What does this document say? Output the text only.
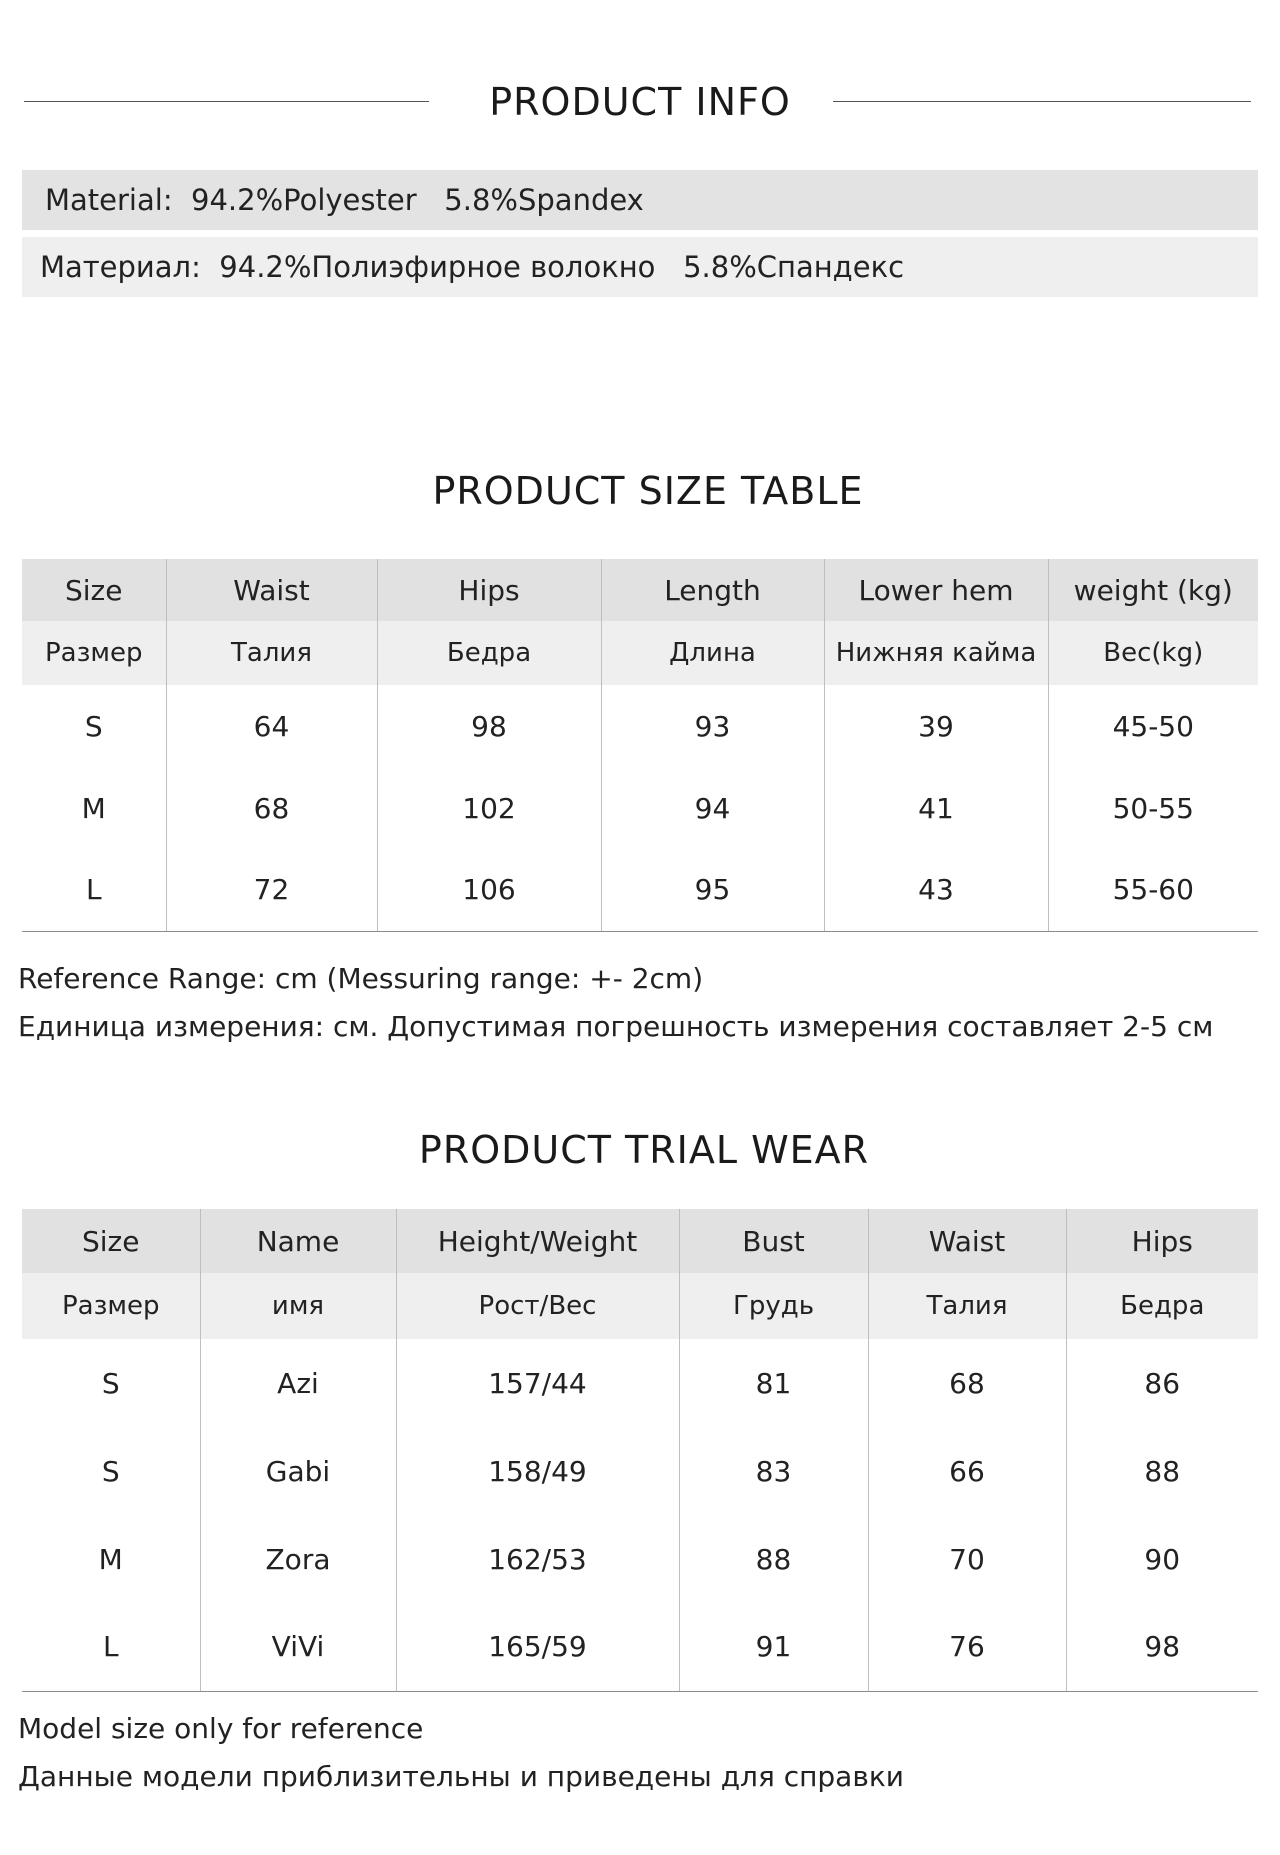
PRODUCT INFO
Material:  94.2%Polyester   5.8%Spandex
Материал:  94.2%Полиэфирное волокно   5.8%Спандекс
PRODUCT SIZE TABLE
Size	Waist	Hips	Length	Lower hem	weight (kg)
Размер	Талия	Бедра	Длина	Нижняя кайма	Вес(kg)
S	64	98	93	39	45-50
M	68	102	94	41	50-55
L	72	106	95	43	55-60
Reference Range: cm (Messuring range: +- 2cm)
Единица измерения: см. Допустимая погрешность измерения составляет 2-5 см
PRODUCT TRIAL WEAR
Size	Name	Height/Weight	Bust	Waist	Hips
Размер	имя	Рост/Вес	Грудь	Талия	Бедра
S	Azi	157/44	81	68	86
S	Gabi	158/49	83	66	88
M	Zora	162/53	88	70	90
L	ViVi	165/59	91	76	98
Model size only for reference
Данные модели приблизительны и приведены для справки
